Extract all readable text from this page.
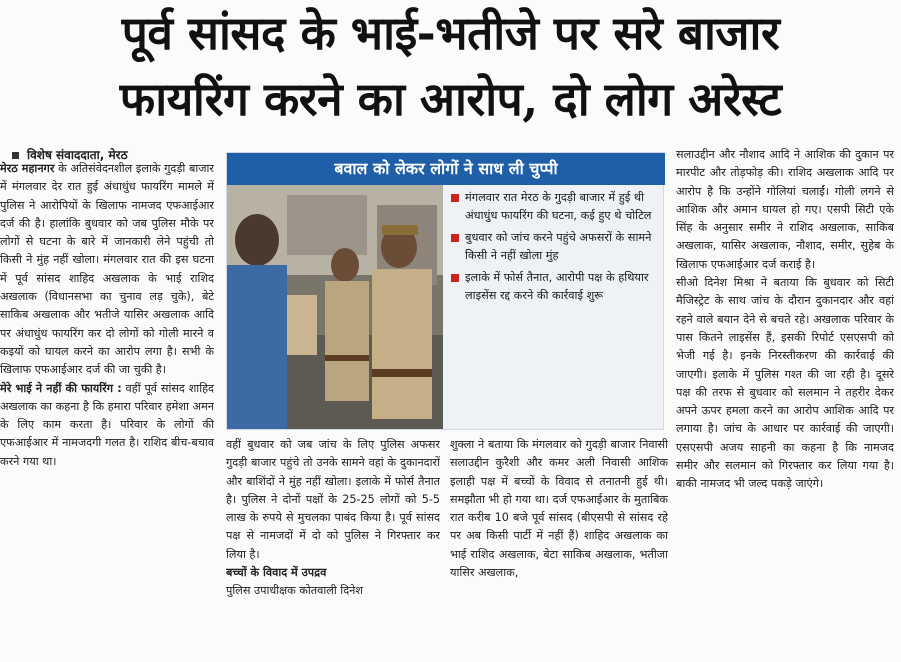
पूर्व सांसद के भाई-भतीजे पर सरे बाजार
फायरिंग करने का आरोप, दो लोग अरेस्ट
विशेष संवाददाता, मेरठ

मेरठ महानगर के अतिसंवेदनशील इलाके गुदड़ी बाजार में मंगलवार देर रात हुई अंधाधुंध फायरिंग मामले में पुलिस ने आरोपियों के खिलाफ नामजद एफआईआर दर्ज की है। हालांकि बुधवार को जब पुलिस मौके पर लोगों से घटना के बारे में जानकारी लेने पहुंची तो किसी ने मुंह नहीं खोला। मंगलवार रात की इस घटना में पूर्व सांसद शाहिद अखलाक के भाई राशिद अखलाक (विधानसभा का चुनाव लड़ चुके), बेटे साकिब अखलाक और भतीजे यासिर अखलाक आदि पर अंधाधुंध फायरिंग कर दो लोगों को गोली मारने व कइयों को घायल करने का आरोप लगा है। सभी के खिलाफ एफआईआर दर्ज की जा चुकी है।

मेरे भाई ने नहीं की फायरिंग : वहीं पूर्व सांसद शाहिद अखलाक का कहना है कि हमारा परिवार हमेशा अमन के लिए काम करता है। परिवार के लोगों की एफआईआर में नामजदगी गलत है। राशिद बीच-बचाव करने गया था।

बवाल को लेकर लोगों ने साध ली चुप्पी
मंगलवार रात मेरठ के गुदड़ी बाजार में हुई थी अंधाधुंध फायरिंग की घटना, कई हुए थे चोटिल
बुधवार को जांच करने पहुंचे अफसरों के सामने किसी ने नहीं खोला मुंह
इलाके में फोर्स तैनात, आरोपी पक्ष के हथियार लाइसेंस रद्द करने की कार्रवाई शुरू

वहीं बुधवार को जब जांच के लिए पुलिस अफसर गुदड़ी बाजार पहुंचे तो उनके सामने वहां के दुकानदारों और बाशिंदों ने मुंह नहीं खोला। इलाके में फोर्स तैनात है। पुलिस ने दोनों पक्षों के 25-25 लोगों को 5-5 लाख के रुपये से मुचलका पाबंद किया है। पूर्व सांसद पक्ष से नामजदों में दो को पुलिस ने गिरफ्तार कर लिया है।

बच्चों के विवाद में उपद्रव

पुलिस उपाधीक्षक कोतवाली दिनेश

शुक्ला ने बताया कि मंगलवार को गुदड़ी बाजार निवासी सलाउद्दीन कुरैशी और कमर अली निवासी आशिक इलाही पक्ष में बच्चों के विवाद से तनातनी हुई थी। समझौता भी हो गया था। दर्ज एफआईआर के मुताबिक रात करीब 10 बजे पूर्व सांसद (बीएसपी से सांसद रहे पर अब किसी पार्टी में नहीं हैं) शाहिद अखलाक का भाई राशिद अखलाक, बेटा साकिब अखलाक, भतीजा यासिर अखलाक,

सलाउद्दीन और नौशाद आदि ने आशिक की दुकान पर मारपीट और तोड़फोड़ की। राशिद अखलाक आदि पर आरोप है कि उन्होंने गोलियां चलाईं। गोली लगने से आशिक और अमान घायल हो गए। एसपी सिटी एके सिंह के अनुसार समीर ने राशिद अखलाक, साकिब अखलाक, यासिर अखलाक, नौशाद, समीर, सुहेब के खिलाफ एफआईआर दर्ज कराई है।

सीओ दिनेश मिश्रा ने बताया कि बुधवार को सिटी मैजिस्ट्रेट के साथ जांच के दौरान दुकानदार और वहां रहने वाले बयान देने से बचते रहे। अखलाक परिवार के पास कितने लाइसेंस हैं, इसकी रिपोर्ट एसएसपी को भेजी गई है। इनके निरस्तीकरण की कार्रवाई की जाएगी। इलाके में पुलिस गश्त की जा रही है। दूसरे पक्ष की तरफ से बुधवार को सलमान ने तहरीर देकर अपने ऊपर हमला करने का आरोप आशिक आदि पर लगाया है। जांच के आधार पर कार्रवाई की जाएगी। एसएसपी अजय साहनी का कहना है कि नामजद समीर और सलमान को गिरफ्तार कर लिया गया है। बाकी नामजद भी जल्द पकड़े जाएंगे।
